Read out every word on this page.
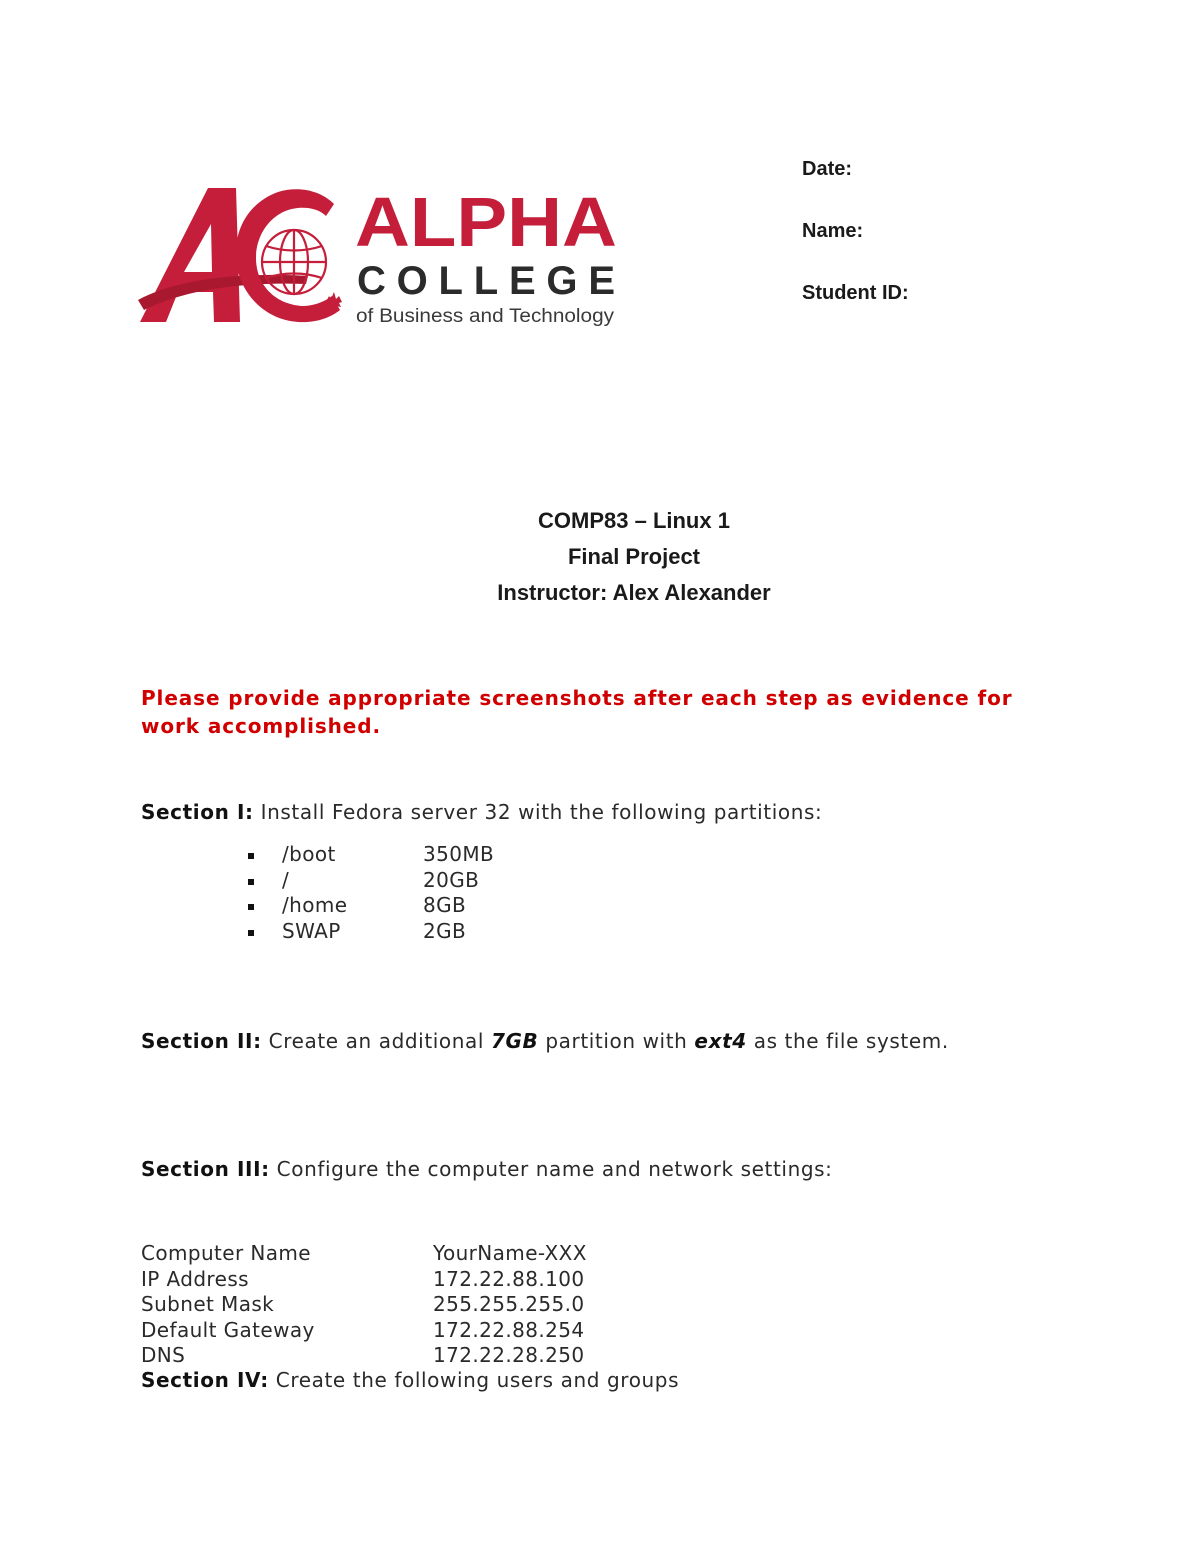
ALPHA
COLLEGE
of Business and Technology
Date:
Name:
Student ID:
COMP83 – Linux 1
Final Project
Instructor: Alex Alexander
Please provide appropriate screenshots after each step as evidence for work accomplished.
Section I: Install Fedora server 32 with the following partitions:
/boot	350MB
/	20GB
/home	8GB
SWAP	2GB
Section II: Create an additional 7GB partition with ext4 as the file system.
Section III: Configure the computer name and network settings:
Computer Name	YourName-XXX
IP Address	172.22.88.100
Subnet Mask	255.255.255.0
Default Gateway	172.22.88.254
DNS	172.22.28.250
Section IV: Create the following users and groups
